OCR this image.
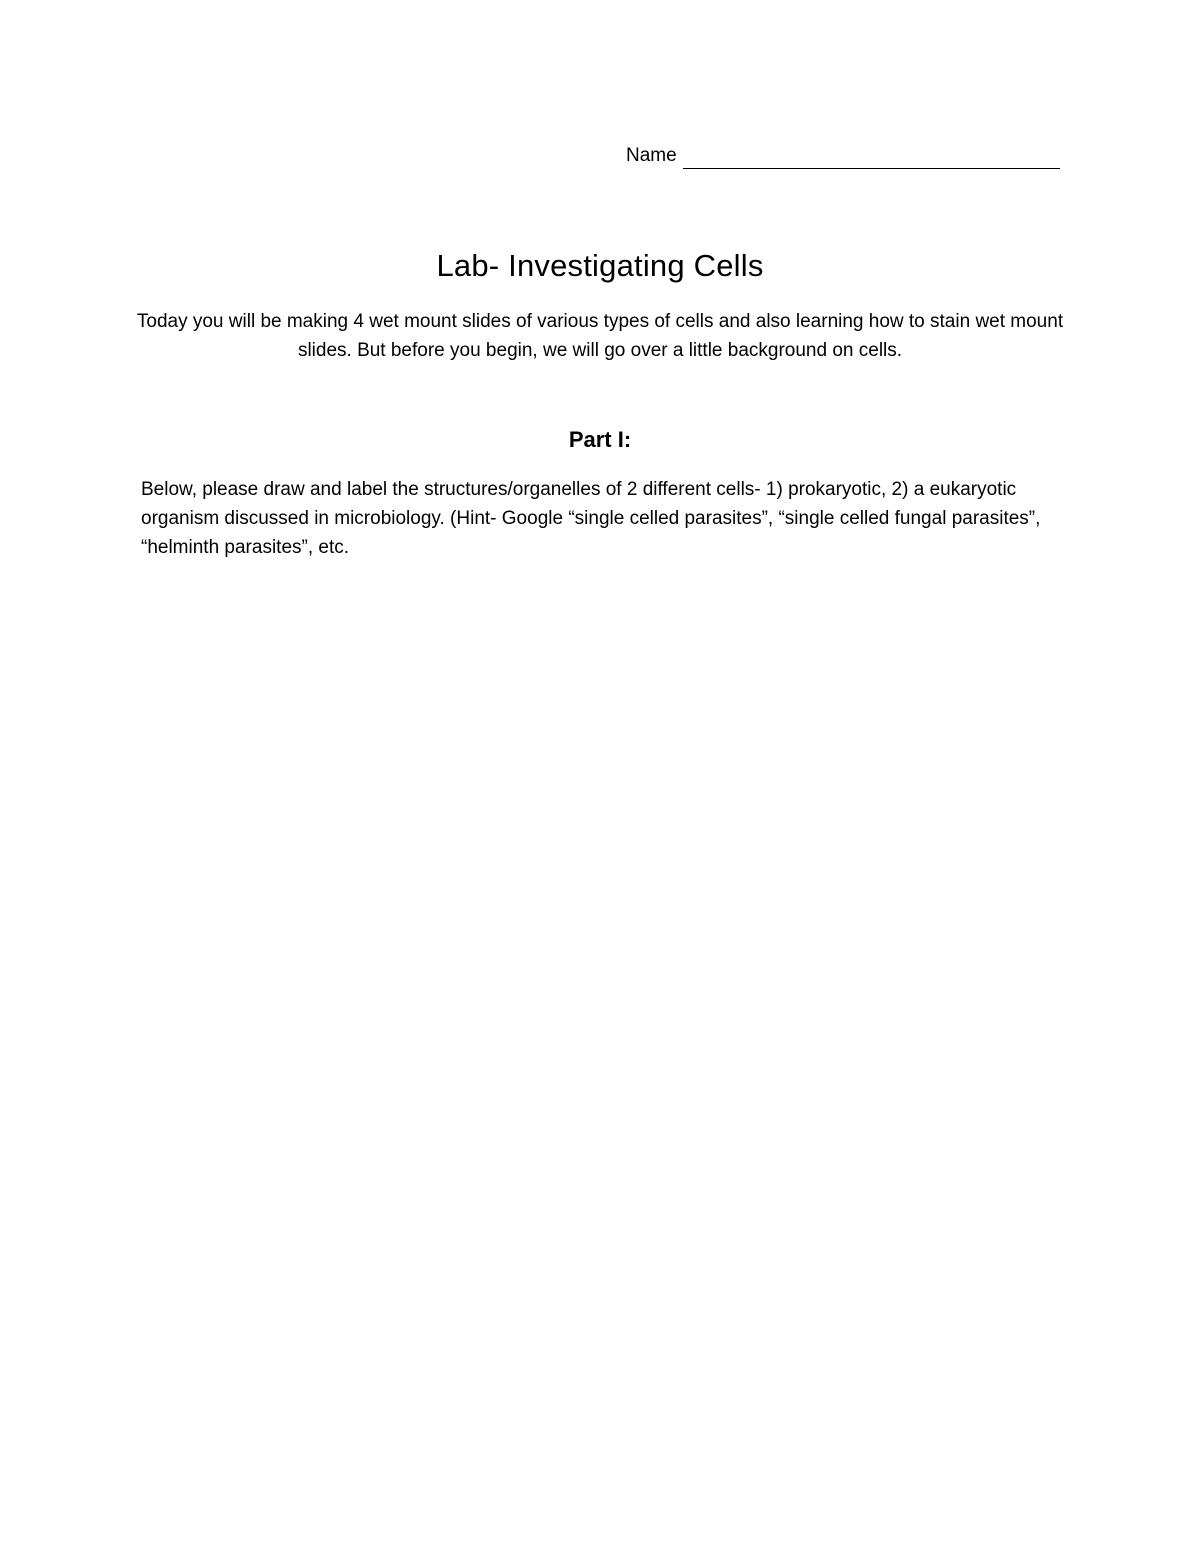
Name
Lab- Investigating Cells
Today you will be making 4 wet mount slides of various types of cells and also learning how to stain wet mount slides. But before you begin, we will go over a little background on cells.
Part I:
Below, please draw and label the structures/organelles of 2 different cells- 1) prokaryotic, 2) a eukaryotic organism discussed in microbiology. (Hint- Google “single celled parasites”, “single celled fungal parasites”, “helminth parasites”, etc.
